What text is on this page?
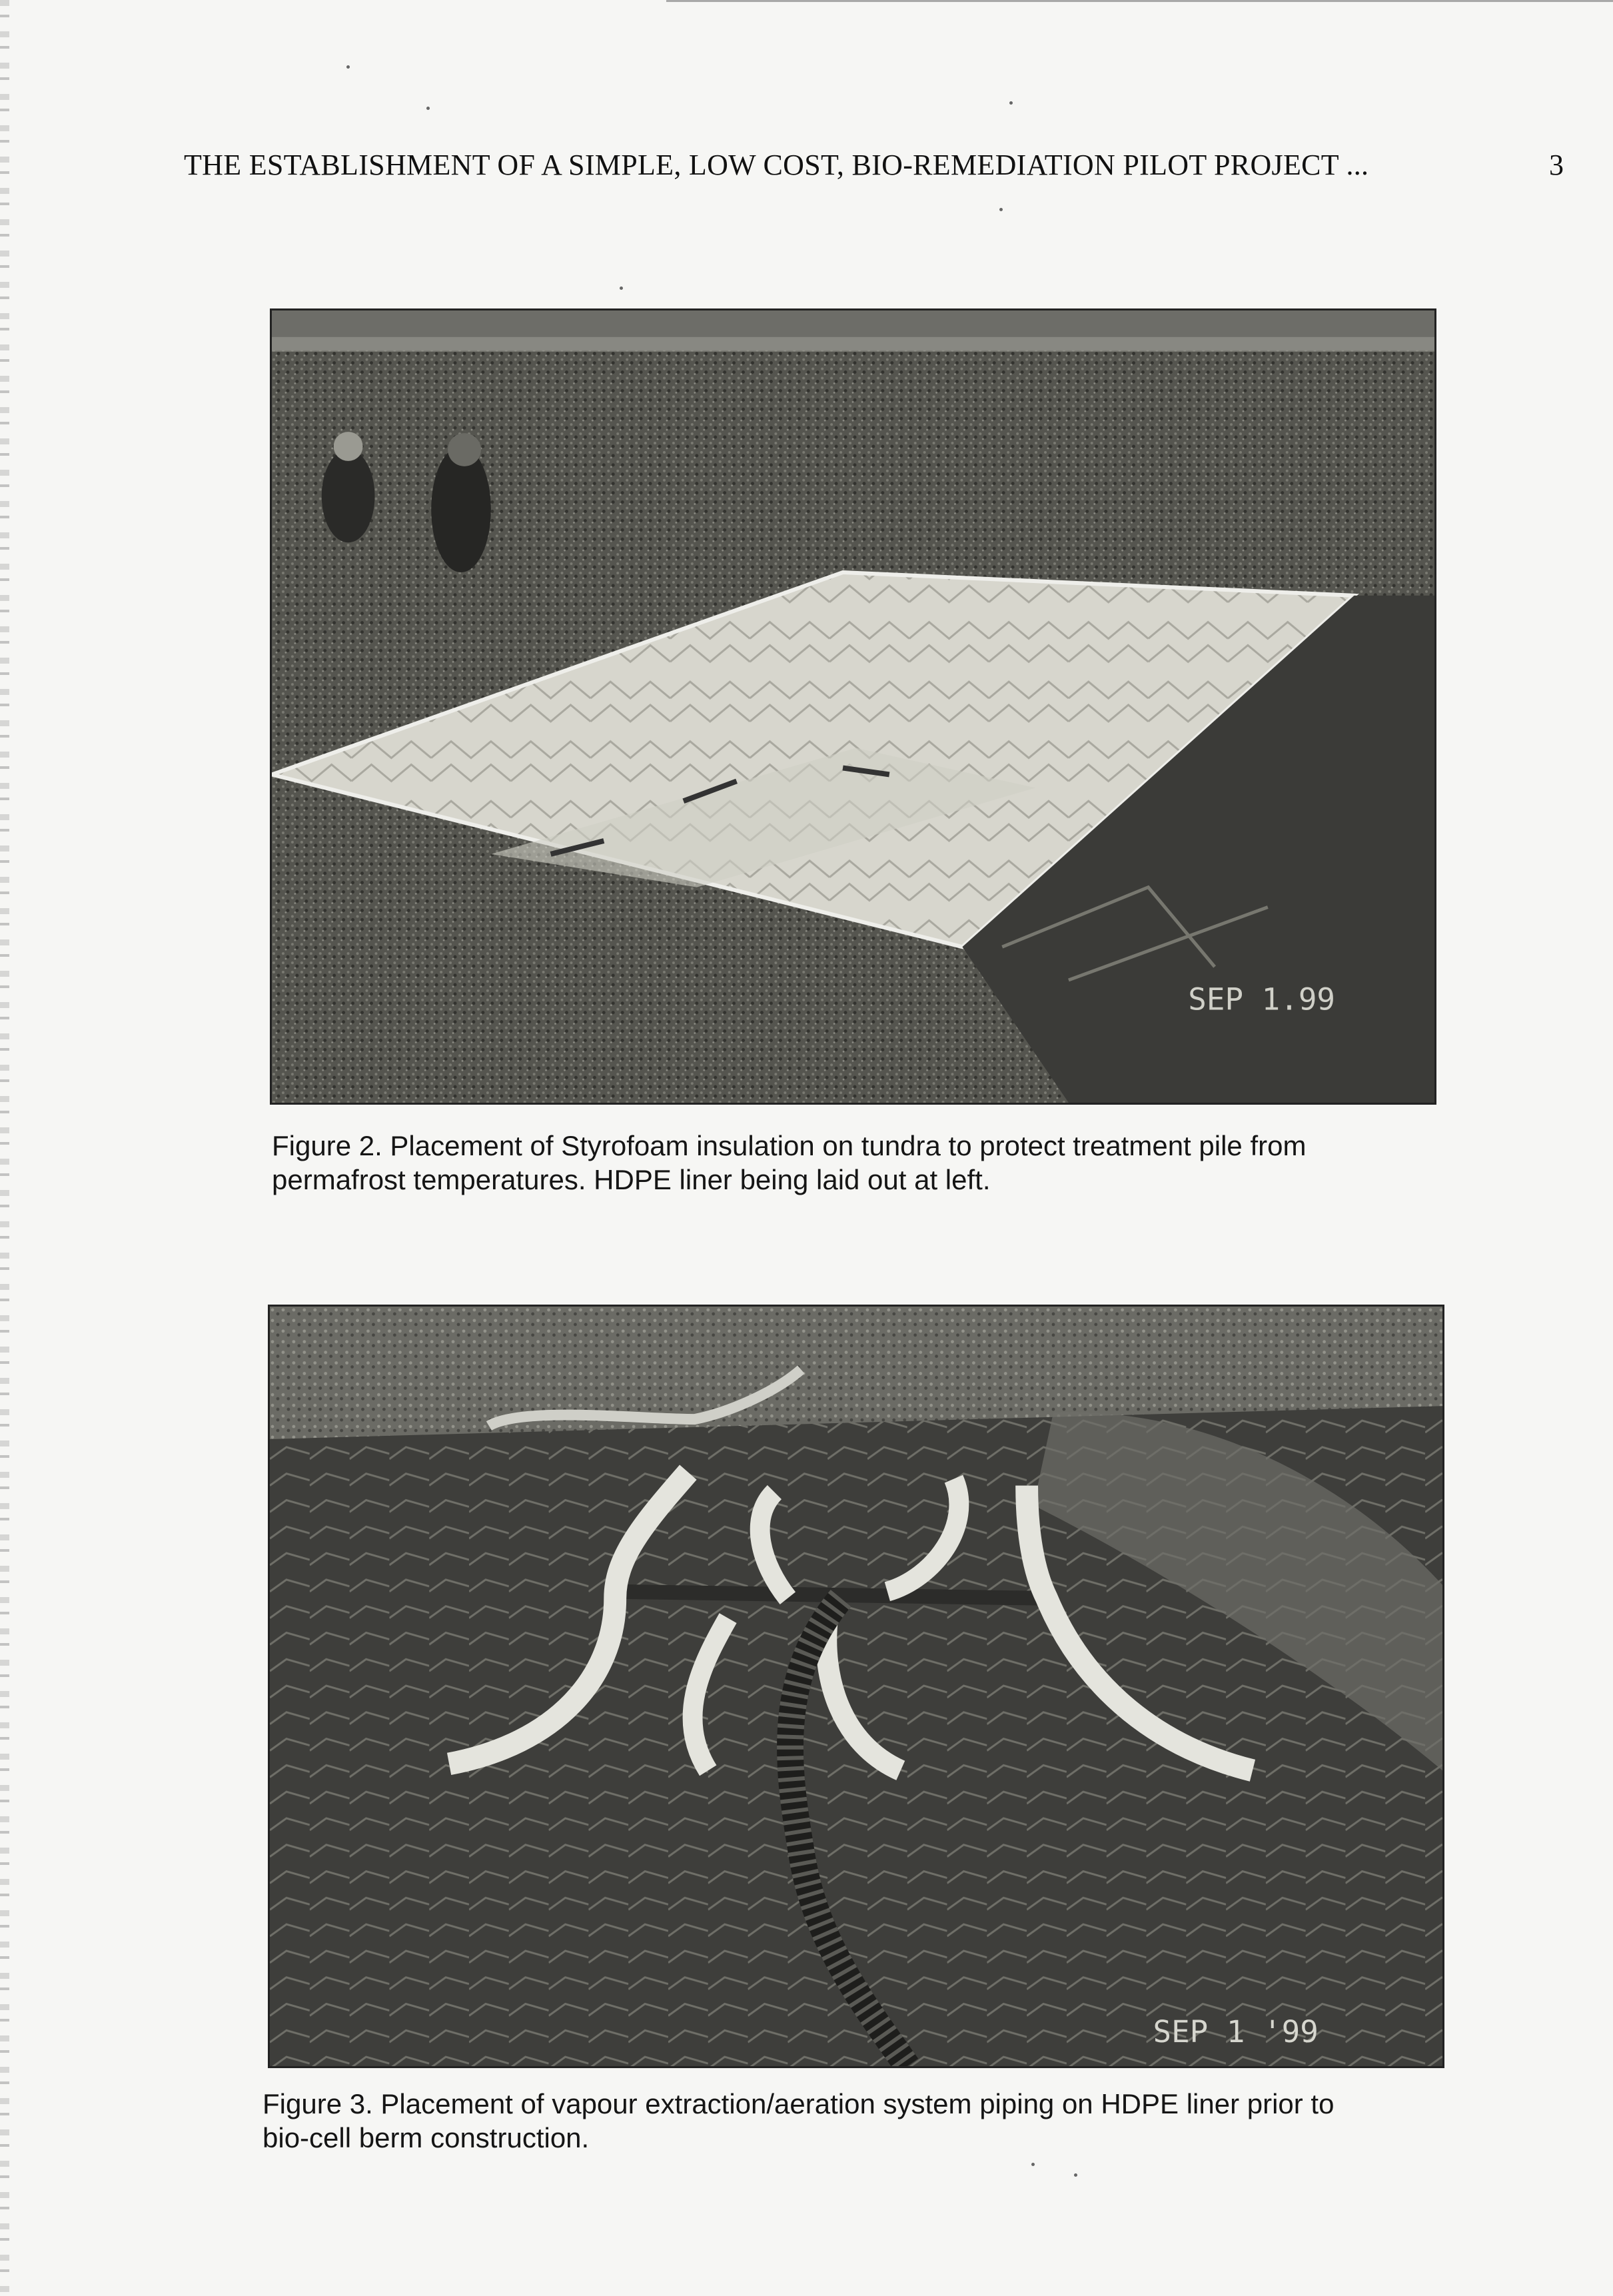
THE ESTABLISHMENT OF A SIMPLE, LOW COST, BIO-REMEDIATION PILOT PROJECT ...	3
SEP 1.99
Figure 2. Placement of Styrofoam insulation on tundra to protect treatment pile from
permafrost temperatures. HDPE liner being laid out at left.
SEP 1 '99
Figure 3. Placement of vapour extraction/aeration system piping on HDPE liner prior to
bio-cell berm construction.
